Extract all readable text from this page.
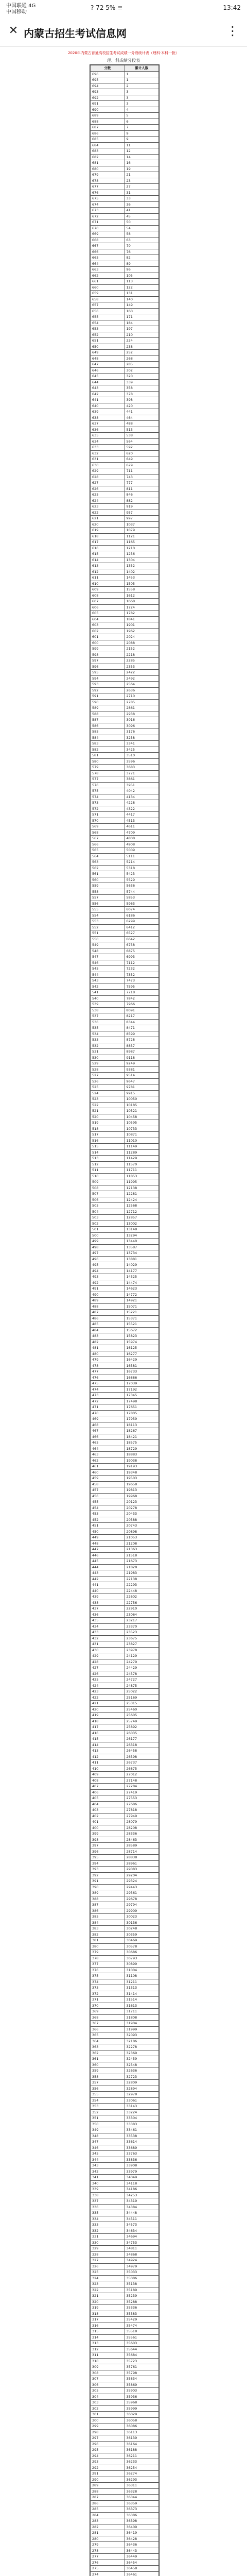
中国联通 4G
中国移动
? 72 5% ≡	13:42
✕ 内蒙古招生考试信息网	⋮
2020年内蒙古普通高校招生考试成绩一分段统计表（理科·本科一批）
理、科成绩分段表
分数	累计人数
696	1
695	1
694	2
693	3
692	3
691	3
690	4
689	5
688	6
687	7
686	9
685	9
684	11
683	12
682	14
681	16
680	19
679	21
678	23
677	27
676	31
675	33
674	36
673	41
672	45
671	50
670	54
669	58
668	63
667	70
666	76
665	82
664	89
663	96
662	105
661	113
660	122
659	131
658	140
657	149
656	160
655	171
654	184
653	197
652	210
651	224
650	238
649	252
648	268
647	285
646	302
645	320
644	339
643	358
642	378
641	398
640	420
639	441
638	464
637	488
636	513
635	538
634	564
633	592
632	620
631	649
630	679
629	711
628	743
627	777
626	811
625	846
624	882
623	919
622	957
621	997
620	1037
619	1079
618	1121
617	1165
616	1210
615	1256
614	1304
613	1352
612	1402
611	1453
610	1505
609	1558
608	1612
607	1668
606	1724
605	1782
604	1841
603	1901
602	1962
601	2024
600	2088
599	2152
598	2218
597	2285
596	2353
595	2422
594	2492
593	2564
592	2636
591	2710
590	2785
589	2861
588	2938
587	3016
586	3096
585	3176
584	3258
583	3341
582	3425
581	3510
580	3596
579	3683
578	3771
577	3861
576	3951
575	4042
574	4134
573	4228
572	4322
571	4417
570	4513
569	4611
568	4709
567	4808
566	4908
565	5009
564	5111
563	5214
562	5318
561	5423
560	5529
559	5636
558	5744
557	5853
556	5963
555	6074
554	6186
553	6299
552	6412
551	6527
550	6642
549	6758
548	6875
547	6993
546	7112
545	7232
544	7352
543	7473
542	7595
541	7718
540	7842
539	7966
538	8091
537	8217
536	8344
535	8471
534	8599
533	8728
532	8857
531	8987
530	9118
529	9249
528	9381
527	9514
526	9647
525	9781
524	9915
523	10050
522	10185
521	10321
520	10458
519	10595
518	10733
517	10871
516	11010
515	11149
514	11289
513	11429
512	11570
511	11711
510	11853
509	11995
508	12138
507	12281
506	12424
505	12568
504	12712
503	12857
502	13002
501	13148
500	13294
499	13440
498	13587
497	13734
496	13881
495	14029
494	14177
493	14325
492	14474
491	14623
490	14772
489	14921
488	15071
487	15221
486	15371
485	15521
484	15672
483	15823
482	15974
481	16125
480	16277
479	16429
478	16581
477	16733
476	16886
475	17039
474	17192
473	17345
472	17498
471	17651
470	17805
469	17959
468	18113
467	18267
466	18421
465	18575
464	18729
463	18883
462	19038
461	19193
460	19348
459	19503
458	19658
457	19813
456	19968
455	20123
454	20278
453	20433
452	20588
451	20743
450	20898
449	21053
448	21208
447	21363
446	21518
445	21673
444	21828
443	21983
442	22138
441	22293
440	22448
439	22602
438	22756
437	22910
436	23064
435	23217
434	23370
433	23523
432	23675
431	23827
430	23978
429	24129
428	24279
427	24429
426	24578
425	24727
424	24875
423	25022
422	25169
421	25315
420	25460
419	25605
418	25749
417	25892
416	26035
415	26177
414	26318
413	26458
412	26598
411	26737
410	26875
409	27012
408	27148
407	27284
406	27419
405	27553
404	27686
403	27818
402	27949
401	28079
400	28208
399	28336
398	28463
397	28589
396	28714
395	28838
394	28961
393	29083
392	29204
391	29324
390	29443
389	29561
388	29678
387	29794
386	29909
385	30023
384	30136
383	30248
382	30359
381	30469
380	30578
379	30686
378	30793
377	30899
376	31004
375	31108
374	31211
373	31313
372	31414
371	31514
370	31613
369	31711
368	31808
367	31904
366	31999
365	32093
364	32186
363	32278
362	32369
361	32459
360	32548
359	32636
358	32723
357	32809
356	32894
355	32978
354	33061
353	33143
352	33224
351	33304
350	33383
349	33461
348	33538
347	33614
346	33689
345	33763
344	33836
343	33908
342	33979
341	34049
340	34118
339	34186
338	34253
337	34319
336	34384
335	34448
334	34511
333	34573
332	34634
331	34694
330	34753
329	34811
328	34868
327	34924
326	34979
325	35033
324	35086
323	35138
322	35189
321	35239
320	35288
319	35336
318	35383
317	35429
316	35474
315	35518
314	35561
313	35603
312	35644
311	35684
310	35723
309	35761
308	35798
307	35834
306	35869
305	35903
304	35936
303	35968
302	35999
301	36029
300	36058
299	36086
298	36113
297	36139
296	36164
295	36188
294	36211
293	36233
292	36254
291	36274
290	36293
289	36311
288	36328
287	36344
286	36359
285	36373
284	36386
283	36398
282	36409
281	36419
280	36428
279	36436
278	36443
277	36449
276	36454
275	36458
274	36461
